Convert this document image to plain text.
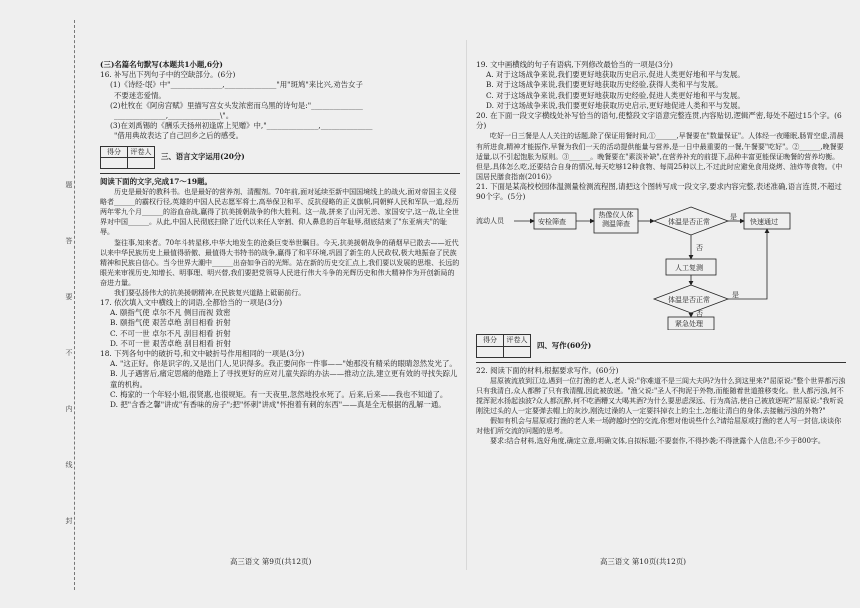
题
答
要
不
内
线
封

(三)名篇名句默写(本题共1小题,6分)

16. 补写出下列句子中的空缺部分。(6分)

(1)《诗经·氓》中"______________,______________"用"斑鸠"来比兴,劝告女子

不要迷恋爱情。

(2)杜牧在《阿房宫赋》里描写宫女头发浓密而乌黑的诗句是:"______________

______________,______________\"。

(3)在刘禹锡的《酬乐天扬州初逢席上见赠》中,"______________,______________

"借用典故表达了自己回乡之后的感受。

得分	评卷人

三、语言文字运用(20分)

阅读下面的文字,完成17～19题。

历史是最好的教科书。也是最好的营养剂、清醒剂。70年前,面对延续至新中国国境线上的战火,面对帝国主义侵略者______的霸权行径,英雄的中国人民志愿军将士,高举保卫和平、反抗侵略的正义旗帜,同朝鲜人民和军队一道,经历两年零九个月______的浴血奋战,赢得了抗美援朝战争的伟大胜利。这一战,拼来了山河无恙、家国安宁,这一战,让全世界对中国______。从此,中国人民彻底扫除了近代以来任人宰割、仰人鼻息的百年耻辱,彻底结束了"东亚病夫"的耻辱。

鉴往事,知来者。70年斗转星移,中华大地发生的沧桑巨变举世瞩目。今天,抗美援朝战争的硝烟早已散去——近代以来中华民族历史上最值得骄傲、最值得大书特书的战争,赢得了和平环境,巩固了新生的人民政权,极大地振奋了民族精神和民族自信心。当今世界大潮中______出奋如争百的光辉。站在新的历史交汇点上,我们要以发展的思维、长远的眼光来审视历史,知增长、明事理、明兴替,我们要把党领导人民进行伟大斗争的光辉历史和伟大精神作为开创新局的奋进力量。

我们要弘扬伟大的抗美援朝精神,在民族复兴道路上砥砺前行。

17. 依次填入文中横线上的词语,全都恰当的一项是(3分)

A. 颐指气使 卓尔不凡 侧目而视 致密

B. 颐指气使 艰苦卓绝 刮目相看 折射

C. 不可一世 卓尔不凡 刮目相看 折射

D. 不可一世 艰苦卓绝 刮目相看 折射

18. 下列各句中的破折号,和文中破折号作用相同的一项是(3分)

A. "这正好。你是识字的,又是出门人,见识得多。我正要问你一件事——"她那没有精采的眼睛忽然发光了。

B. 儿子遇害后,痛定思痛的他踏上了寻找更好的应对儿童失踪的办法——推动立法,建立更有效的寻找失踪儿童的机构。

C. 梅家的一个年轻小姐,很贤惠,也很规矩。有一天夜里,忽然地投水死了。后来,后来——我也不知道了。

D. 把"含香之馨"讲成"有香味的房子";把"怀刺"讲成"怀抱着有刺的东西"——真是全无根据的乱解一通。

高三语文 第9页(共12页)

19. 文中画横线的句子有语病,下列修改最恰当的一项是(3分)

A. 对于这场战争来说,我们要更好地获取历史启示,促进人类更好地和平与发展。

B. 对于这场战争来说,我们要更好地获取历史经验,获得人类和平与发展。

C. 对于这场战争来说,我们要更好地获取历史经验,促进人类更好地和平与发展。

D. 对于这场战争来说,我们要更好地获取历史启示,更好地促进人类和平与发展。

20. 在下面一段文字横线处补写恰当的语句,使整段文字语意完整连贯,内容贴切,逻辑严密,每处不超过15个字。(6分)

吃好一日三餐是人人关注的话题,除了保证用餐时间,①______,早餐要在"数量保证"。人体经一夜睡眠,肠胃空虚,清晨有所进食,精神才能振作,早餐为我们一天的活动提供能量与营养,是一日中最重要的一餐,午餐要"吃好"。②______,晚餐要适量,以不引起饱胀为原则。③______。晚餐要在"素淡补缺",在营养补充的前提下,品种丰富更能保证晚餐的营养均衡。但是,具体怎么吃,还要结合自身的情况,每天吃够12种食物、每周25种以上,不过此时应避免食用烧烤、油炸等食物。《中国居民膳食指南(2016)》

21. 下面是某高校校园体温测量检测流程图,请把这个图转写成一段文字,要求内容完整,表述准确,语言连贯,不超过90个字。(5分)

流动人员	安检筛查
热像仪人体测温筛查	体温是否正常	快速通过
人工复测
体温是否正常
紧急处理
是
否
是
否
得分	评卷人

四、写作(60分)

22. 阅读下面的材料,根据要求写作。(60分)

屈原被流放到江边,遇到一位打渔的老人,老人说:"你难道不是三闾大夫吗?为什么到这里来?"屈原说:"整个世界都污浊只有我清白,众人都醉了只有我清醒,因此被放逐。"渔父说:"圣人不拘泥于外物,而能随着世道推移变化。世人都污浊,何不搅浑泥水扬起浊波?众人都沉醉,何不吃酒糟又大喝其酒?为什么要思虑深远、行为高洁,使自己被放逐呢?"屈原说:"我听说刚洗过头的人一定要弹去帽上的灰沙,刚洗过澡的人一定要抖掉衣上的尘土,怎能让清白的身体,去接触污浊的外物?"

假如有机会与屈原或打渔的老人来一场跨越时空的交流,你想对他说些什么?请给屈原或打渔的老人写一封信,谈谈你对他们所交流的问题的思考。

要求:结合材料,选好角度,确定立意,明确文体,自拟标题;不要套作,不得抄袭;不得泄露个人信息;不少于800字。

高三语文 第10页(共12页)
